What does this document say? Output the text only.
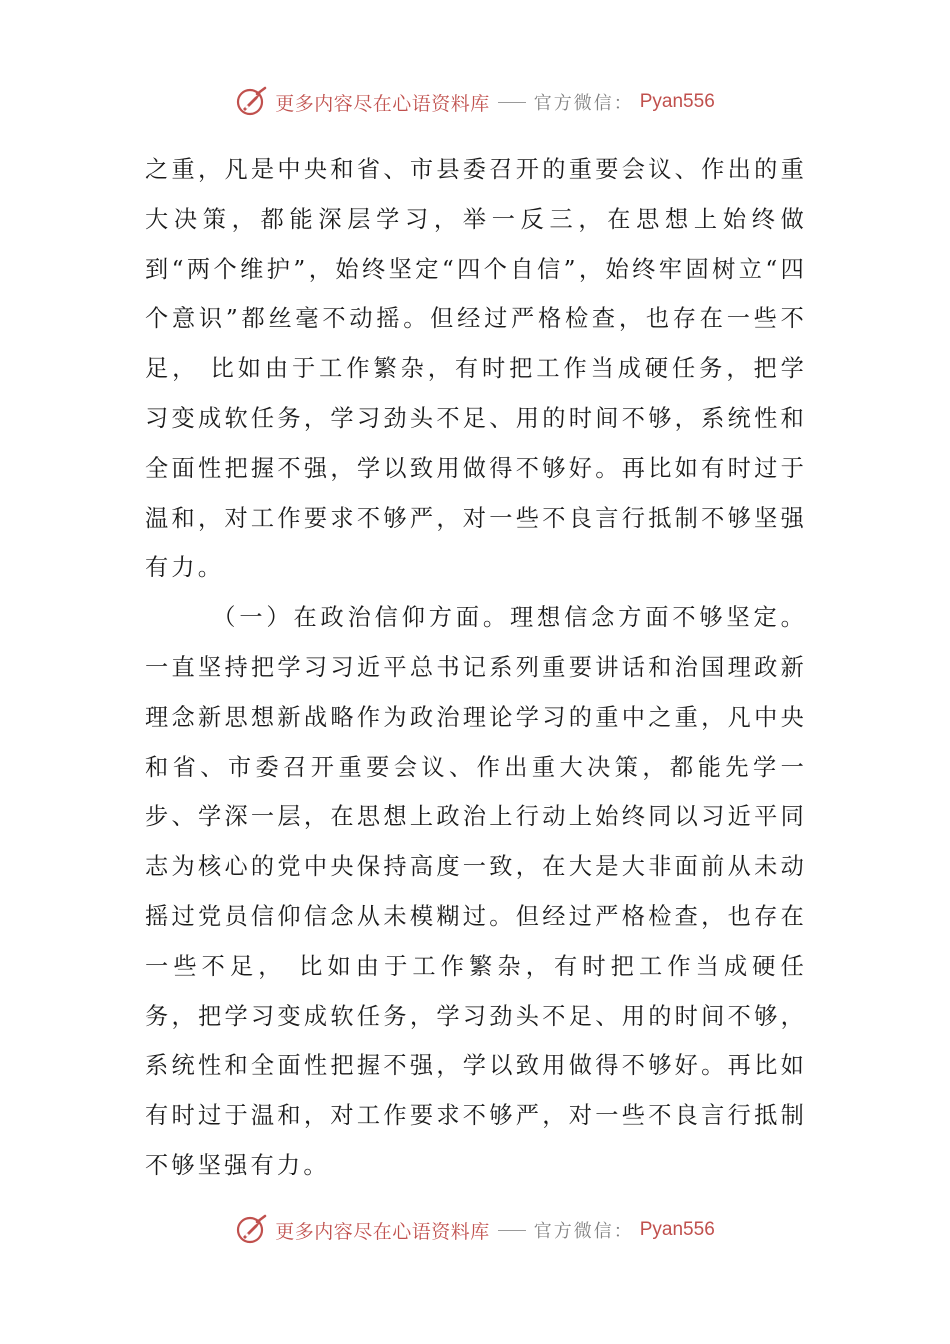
更多内容尽在心语资料库 官方微信： Pyan556

之重，凡是中央和省、市县委召开的重要会议、作出的重大决策，都能深层学习，举一反三，在思想上始终做到“两个维护”，始终坚定“四个自信”，始终牢固树立“四个意识”都丝毫不动摇。但经过严格检查，也存在一些不足， 比如由于工作繁杂，有时把工作当成硬任务，把学习变成软任务，学习劲头不足、用的时间不够，系统性和全面性把握不强，学以致用做得不够好。再比如有时过于温和，对工作要求不够严，对一些不良言行抵制不够坚强有力。

（一）在政治信仰方面。理想信念方面不够坚定。一直坚持把学习习近平总书记系列重要讲话和治国理政新理念新思想新战略作为政治理论学习的重中之重，凡中央和省、市委召开重要会议、作出重大决策，都能先学一步、学深一层，在思想上政治上行动上始终同以习近平同志为核心的党中央保持高度一致，在大是大非面前从未动摇过党员信仰信念从未模糊过。但经过严格检查，也存在一些不足， 比如由于工作繁杂，有时把工作当成硬任务，把学习变成软任务，学习劲头不足、用的时间不够，系统性和全面性把握不强，学以致用做得不够好。再比如有时过于温和，对工作要求不够严，对一些不良言行抵制不够坚强有力。

更多内容尽在心语资料库 官方微信： Pyan556
